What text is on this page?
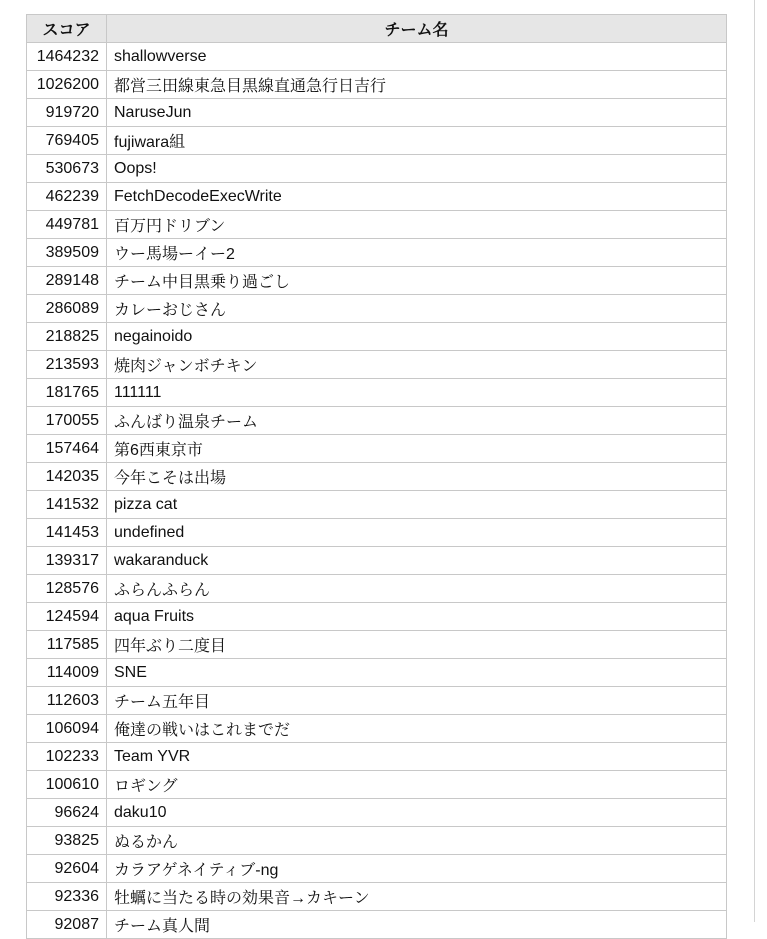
スコア	チーム名
1464232	shallowverse
1026200	都営三田線東急目黒線直通急行日吉行
919720	NaruseJun
769405	fujiwara組
530673	Oops!
462239	FetchDecodeExecWrite
449781	百万円ドリブン
389509	ウー馬場ーイー2
289148	チーム中目黒乗り過ごし
286089	カレーおじさん
218825	negainoido
213593	焼肉ジャンボチキン
181765	111111
170055	ふんばり温泉チーム
157464	第6西東京市
142035	今年こそは出場
141532	pizza cat
141453	undefined
139317	wakaranduck
128576	ふらんふらん
124594	aqua Fruits
117585	四年ぶり二度目
114009	SNE
112603	チーム五年目
106094	俺達の戦いはこれまでだ
102233	Team YVR
100610	ロギング
96624	daku10
93825	ぬるかん
92604	カラアゲネイティブ-ng
92336	牡蠣に当たる時の効果音→カキーン
92087	チーム真人間
